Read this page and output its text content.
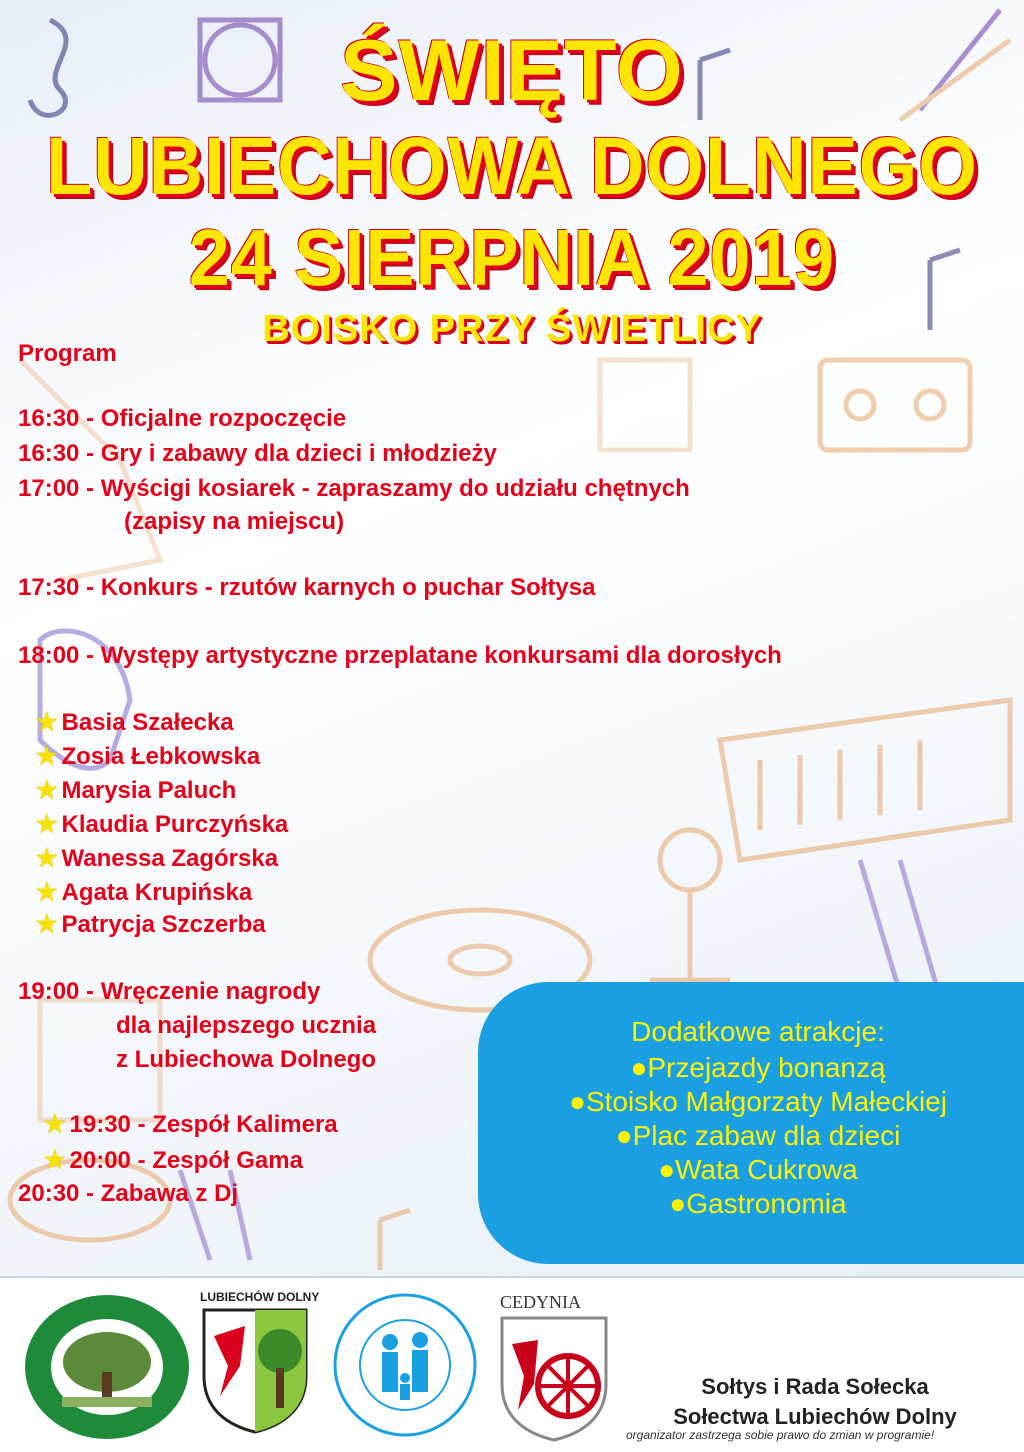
ŚWIĘTO
LUBIECHOWA DOLNEGO
24 SIERPNIA 2019
BOISKO PRZY ŚWIETLICY
Program
16:30 - Oficjalne rozpoczęcie
16:30 - Gry i zabawy dla dzieci i młodzieży
17:00 - Wyścigi kosiarek - zapraszamy do udziału chętnych
(zapisy na miejscu)
17:30 - Konkurs - rzutów karnych o puchar Sołtysa
18:00 - Występy artystyczne przeplatane konkursami dla dorosłych
★ Basia Szałecka
★ Zosia Łebkowska
★ Marysia Paluch
★ Klaudia Purczyńska
★ Wanessa Zagórska
★ Agata Krupińska
★ Patrycja Szczerba
19:00 - Wręczenie nagrody
dla najlepszego ucznia
z Lubiechowa Dolnego
★ 19:30 - Zespół Kalimera
★ 20:00 - Zespół Gama
20:30 - Zabawa z Dj
Dodatkowe atrakcje:
●Przejazdy bonanzą
●Stoisko Małgorzaty Małeckiej
●Plac zabaw dla dzieci
●Wata Cukrowa
●Gastronomia
LUBIECHÓW DOLNY	CEDYNIA
Sołtys i Rada Sołecka
Sołectwa Lubiechów Dolny
organizator zastrzega sobie prawo do zmian w programie!
